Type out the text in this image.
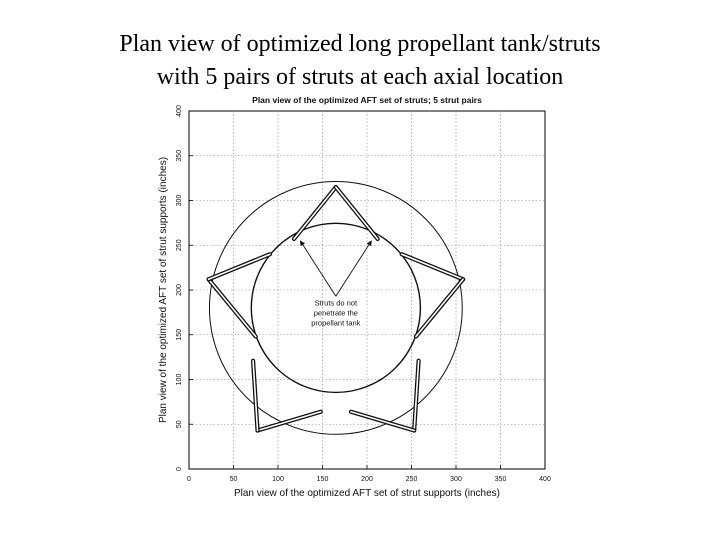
Plan view of optimized long propellant tank/struts
with 5 pairs of struts at each axial location
Plan view of the optimized AFT set of struts; 5 strut pairs
Struts do not
penetrate the
propellant tank
0	50	100	150	200	250	300	350	400
0
50
100
150
200
250
300
350
400
Plan view of the optimized AFT set of strut supports (inches)
Plan view of the optimized AFT set of strut supports (inches)
